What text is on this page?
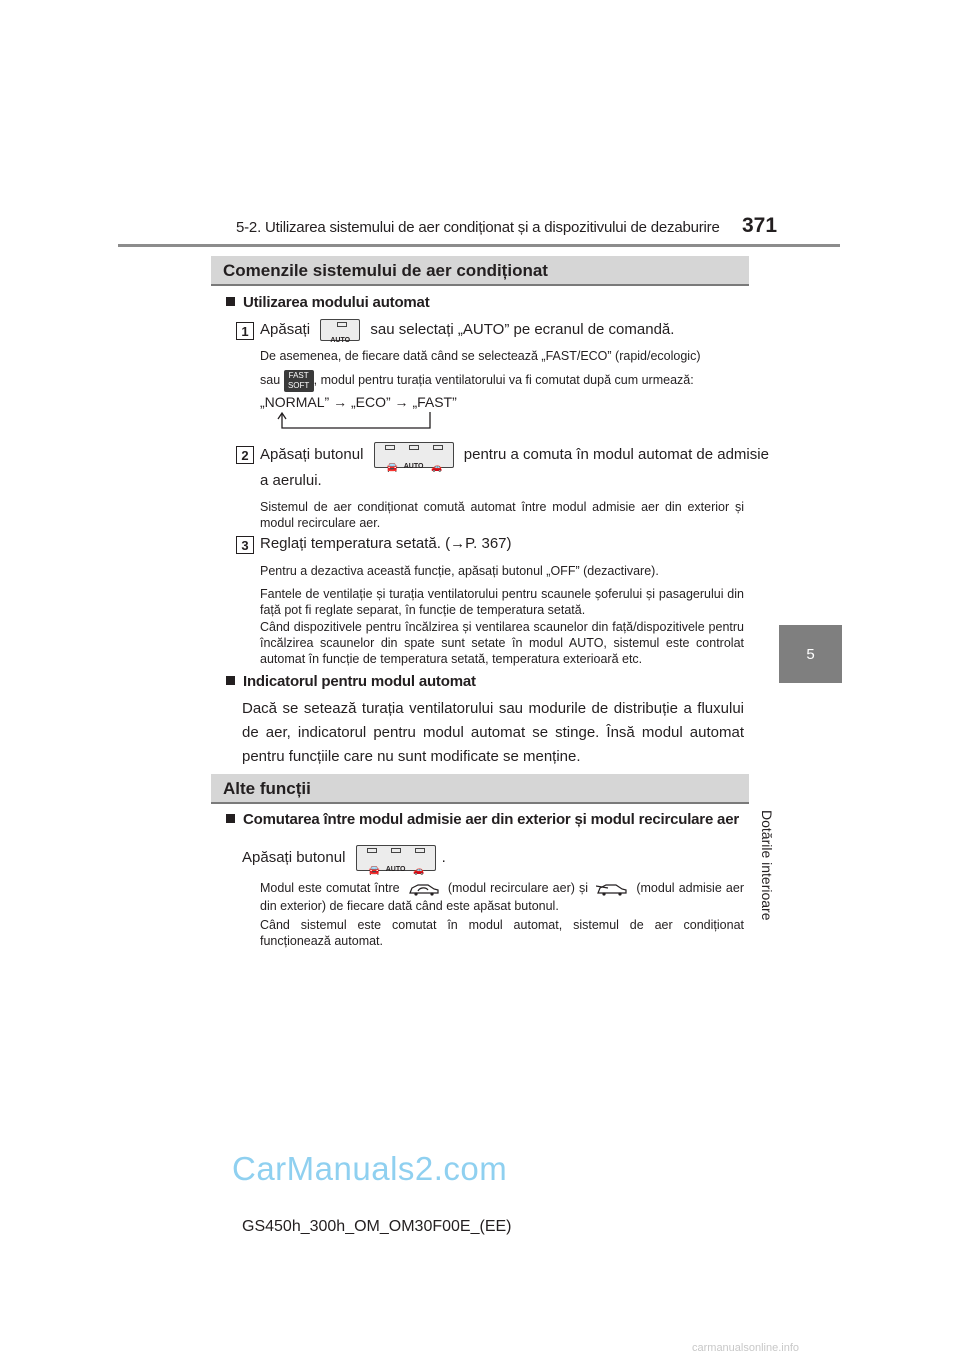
5-2. Utilizarea sistemului de aer condiționat și a dispozitivului de dezaburire 371
5
Dotările interioare
Comenzile sistemului de aer condiționat
Utilizarea modului automat
1 Apăsați
AUTO
sau selectați „AUTO” pe ecranul de comandă.
De asemenea, de fiecare dată când se selectează „FAST/ECO” (rapid/ecologic)
sau FAST
SOFT , modul pentru turația ventilatorului va fi comutat după cum urmează:
„NORMAL” → „ECO” → „FAST”
2 Apăsați butonul
🚘 AUTO 🚗
pentru a comuta în modul automat de admisie
a aerului.
Sistemul de aer condiționat comută automat între modul admisie aer din exterior și modul recirculare aer.
3 Reglați temperatura setată. (→P. 367)
Pentru a dezactiva această funcție, apăsați butonul „OFF” (dezactivare).
Fantele de ventilație și turația ventilatorului pentru scaunele șoferului și pasagerului din față pot fi reglate separat, în funcție de temperatura setată.
Când dispozitivele pentru încălzirea și ventilarea scaunelor din față/dispozitivele pentru încălzirea scaunelor din spate sunt setate în modul AUTO, sistemul este controlat automat în funcție de temperatura setată, temperatura exterioară etc.
Indicatorul pentru modul automat
Dacă se setează turația ventilatorului sau modurile de distribuție a fluxului de aer, indicatorul pentru modul automat se stinge. Însă modul automat pentru funcțiile care nu sunt modificate se menține.
Alte funcții
Comutarea între modul admisie aer din exterior și modul recirculare aer
Apăsați butonul
🚘 AUTO 🚗
.
Modul este comutat între	(modul recirculare aer) și	(modul admisie aer din exterior) de fiecare dată când este apăsat butonul.
Când sistemul este comutat în modul automat, sistemul de aer condiționat funcționează automat.
CarManuals2.com
GS450h_300h_OM_OM30F00E_(EE)
carmanualsonline.info
